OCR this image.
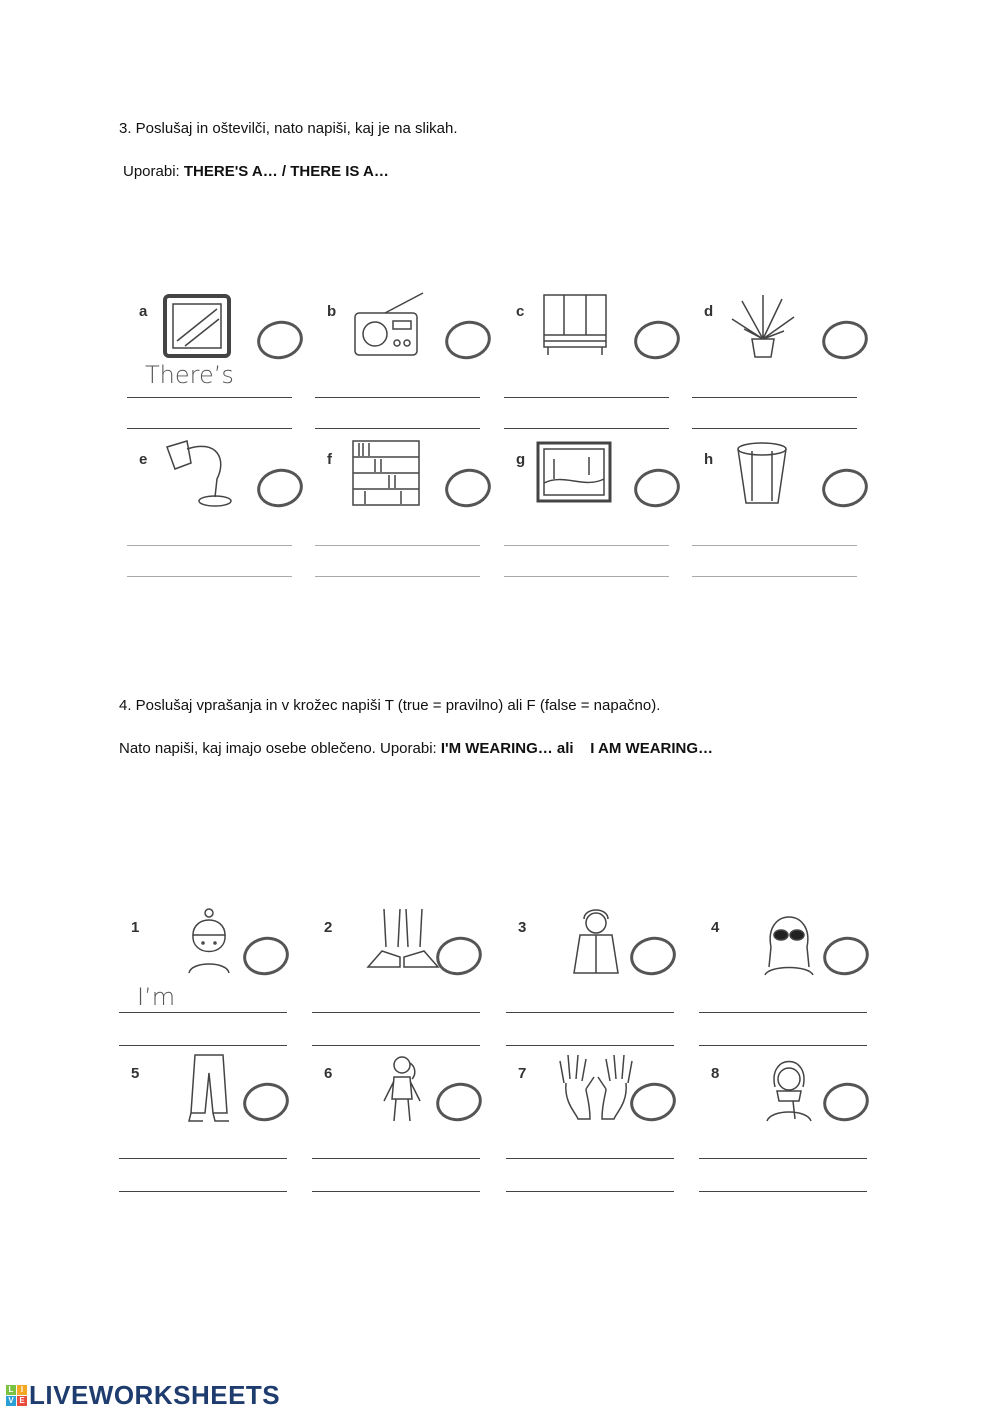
3. Poslušaj in oštevilči, nato napiši, kaj je na slikah.
Uporabi: THERE'S A… / THERE IS A…
a
There’s
b	c	d
e	f	g	h
4. Poslušaj vprašanja in v krožec napiši T (true = pravilno) ali F (false = napačno).
Nato napiši, kaj imajo osebe oblečeno. Uporabi: I'M WEARING… ali    I AM WEARING…
1
I’m
2	3	4
5	6	7	8
L I
V E LIVEWORKSHEETS
